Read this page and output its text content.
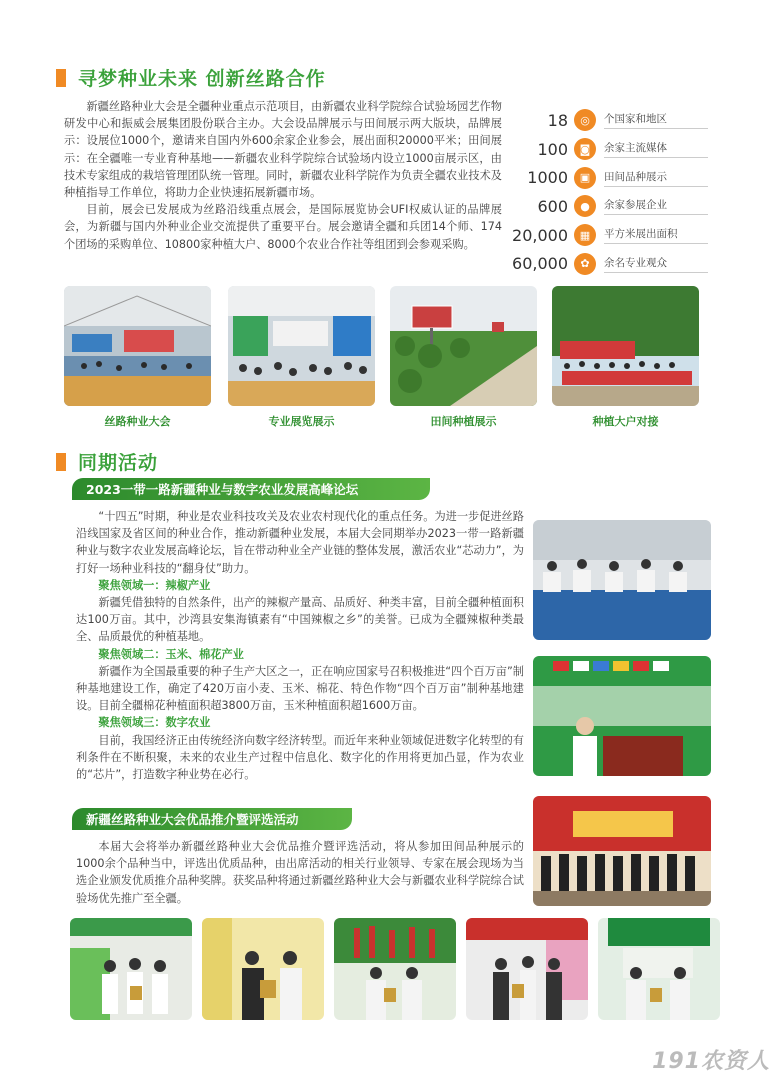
寻梦种业未来 创新丝路合作

新疆丝路种业大会是全疆种业重点示范项目，由新疆农业科学院综合试验场园艺作物研发中心和振威会展集团股份联合主办。大会设品牌展示与田间展示两大版块，品牌展示：设展位1000个，邀请来自国内外600余家企业参会，展出面积20000平米；田间展示：在全疆唯一专业育种基地——新疆农业科学院综合试验场内设立1000亩展示区，由技术专家组成的栽培管理团队统一管理。同时，新疆农业科学院作为负责全疆农业技术及种植指导工作单位，将助力企业快速拓展新疆市场。

目前，展会已发展成为丝路沿线重点展会，是国际展览协会UFI权威认证的品牌展会，为新疆与国内外种业企业交流提供了重要平台。展会邀请全疆和兵团14个师、174个团场的采购单位、10800家种植大户、8000个农业合作社等组团到会参观采购。

18	◎	个国家和地区
100	◙	余家主流媒体
1000	▣	田间品种展示
600	●	余家参展企业
20,000	▦	平方米展出面积
60,000	✿	余名专业观众
丝路种业大会	专业展览展示	田间种植展示	种植大户对接
同期活动
2023一带一路新疆种业与数字农业发展高峰论坛

“十四五”时期，种业是农业科技攻关及农业农村现代化的重点任务。为进一步促进丝路沿线国家及省区间的种业合作，推动新疆种业发展，本届大会同期举办2023一带一路新疆种业与数字农业发展高峰论坛，旨在带动种业全产业链的整体发展，激活农业“芯动力”，为打好一场种业科技的“翻身仗”助力。

聚焦领域一：辣椒产业

新疆凭借独特的自然条件，出产的辣椒产量高、品质好、种类丰富，目前全疆种植面积达100万亩。其中，沙湾县安集海镇素有“中国辣椒之乡”的美誉。已成为全疆辣椒种类最全、品质最优的种植基地。

聚焦领域二：玉米、棉花产业

新疆作为全国最重要的种子生产大区之一，正在响应国家号召积极推进“四个百万亩”制种基地建设工作，确定了420万亩小麦、玉米、棉花、特色作物“四个百万亩”制种基地建设。目前全疆棉花种植面积超3800万亩，玉米种植面积超1600万亩。

聚焦领域三：数字农业

目前，我国经济正由传统经济向数字经济转型。而近年来种业领域促进数字化转型的有利条件在不断积聚，未来的农业生产过程中信息化、数字化的作用将更加凸显，作为农业的“芯片”，打造数字种业势在必行。

新疆丝路种业大会优品推介暨评选活动

本届大会将举办新疆丝路种业大会优品推介暨评选活动，将从参加田间品种展示的1000余个品种当中，评选出优质品种，由出席活动的相关行业领导、专家在展会现场为当选企业颁发优质推介品种奖牌。获奖品种将通过新疆丝路种业大会与新疆农业科学院综合试验场优先推广至全疆。

191农资人
